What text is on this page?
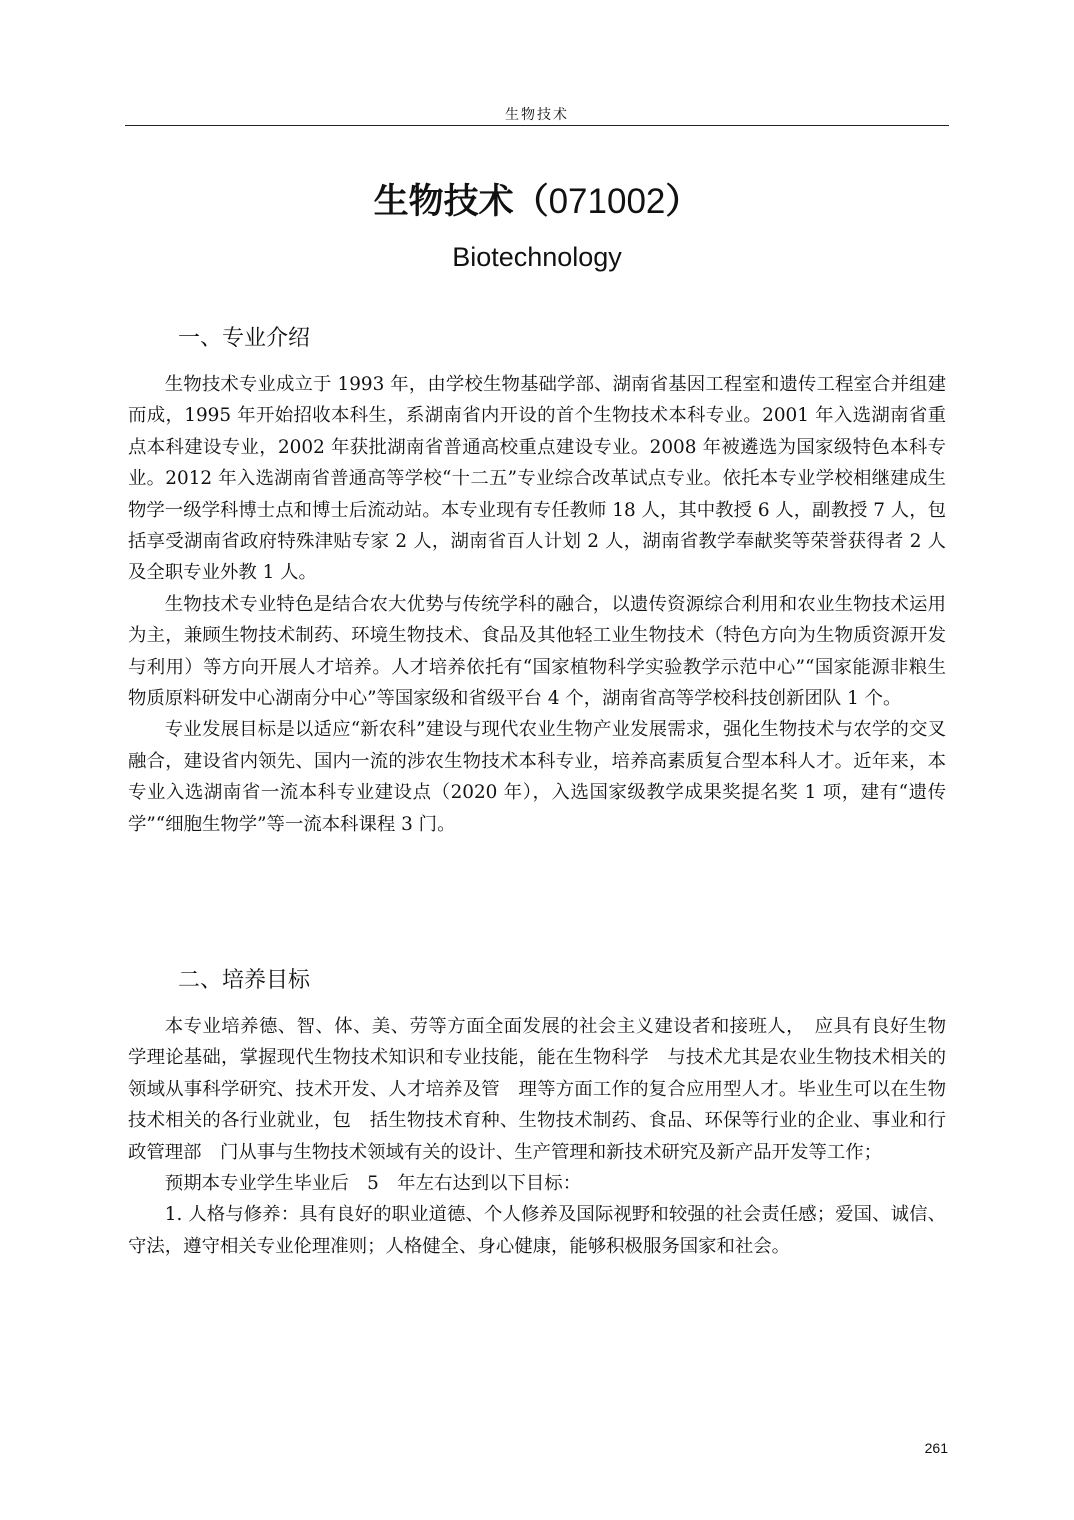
生物技术
生物技术（071002）
Biotechnology
一、专业介绍

生物技术专业成立于 1993 年，由学校生物基础学部、湖南省基因工程室和遗传工程室合并组建而成，1995 年开始招收本科生，系湖南省内开设的首个生物技术本科专业。2001 年入选湖南省重点本科建设专业，2002 年获批湖南省普通高校重点建设专业。2008 年被遴选为国家级特色本科专业。2012 年入选湖南省普通高等学校“十二五”专业综合改革试点专业。依托本专业学校相继建成生物学一级学科博士点和博士后流动站。本专业现有专任教师 18 人，其中教授 6 人，副教授 7 人，包括享受湖南省政府特殊津贴专家 2 人，湖南省百人计划 2 人，湖南省教学奉献奖等荣誉获得者 2 人及全职专业外教 1 人。

生物技术专业特色是结合农大优势与传统学科的融合，以遗传资源综合利用和农业生物技术运用为主，兼顾生物技术制药、环境生物技术、食品及其他轻工业生物技术（特色方向为生物质资源开发与利用）等方向开展人才培养。人才培养依托有“国家植物科学实验教学示范中心”“国家能源非粮生物质原料研发中心湖南分中心”等国家级和省级平台 4 个，湖南省高等学校科技创新团队 1 个。

专业发展目标是以适应“新农科”建设与现代农业生物产业发展需求，强化生物技术与农学的交叉融合，建设省内领先、国内一流的涉农生物技术本科专业，培养高素质复合型本科人才。近年来，本专业入选湖南省一流本科专业建设点（2020 年），入选国家级教学成果奖提名奖 1 项，建有“遗传学”“细胞生物学”等一流本科课程 3 门。

二、培养目标

本专业培养德、智、体、美、劳等方面全面发展的社会主义建设者和接班人，　应具有良好生物学理论基础，掌握现代生物技术知识和专业技能，能在生物科学　与技术尤其是农业生物技术相关的领域从事科学研究、技术开发、人才培养及管　理等方面工作的复合应用型人才。毕业生可以在生物技术相关的各行业就业，包　括生物技术育种、生物技术制药、食品、环保等行业的企业、事业和行政管理部　门从事与生物技术领域有关的设计、生产管理和新技术研究及新产品开发等工作；

预期本专业学生毕业后　5　年左右达到以下目标：

1. 人格与修养：具有良好的职业道德、个人修养及国际视野和较强的社会责任感；爱国、诚信、守法，遵守相关专业伦理准则；人格健全、身心健康，能够积极服务国家和社会。

261
